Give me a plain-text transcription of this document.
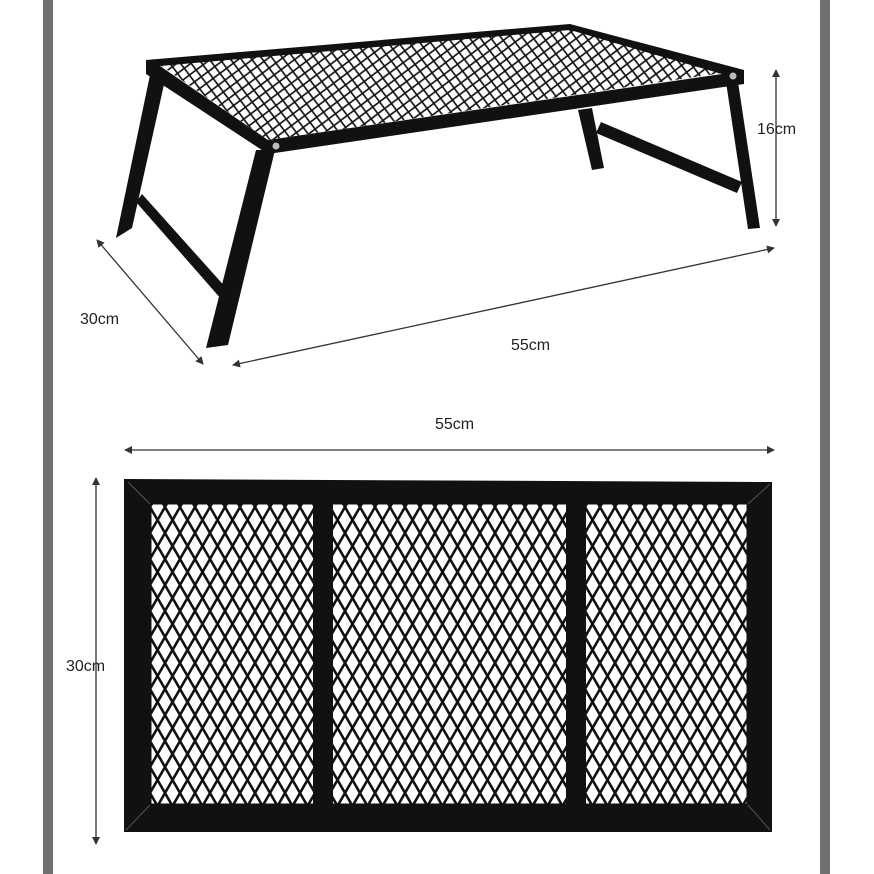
16cm
30cm
55cm
55cm
30cm
